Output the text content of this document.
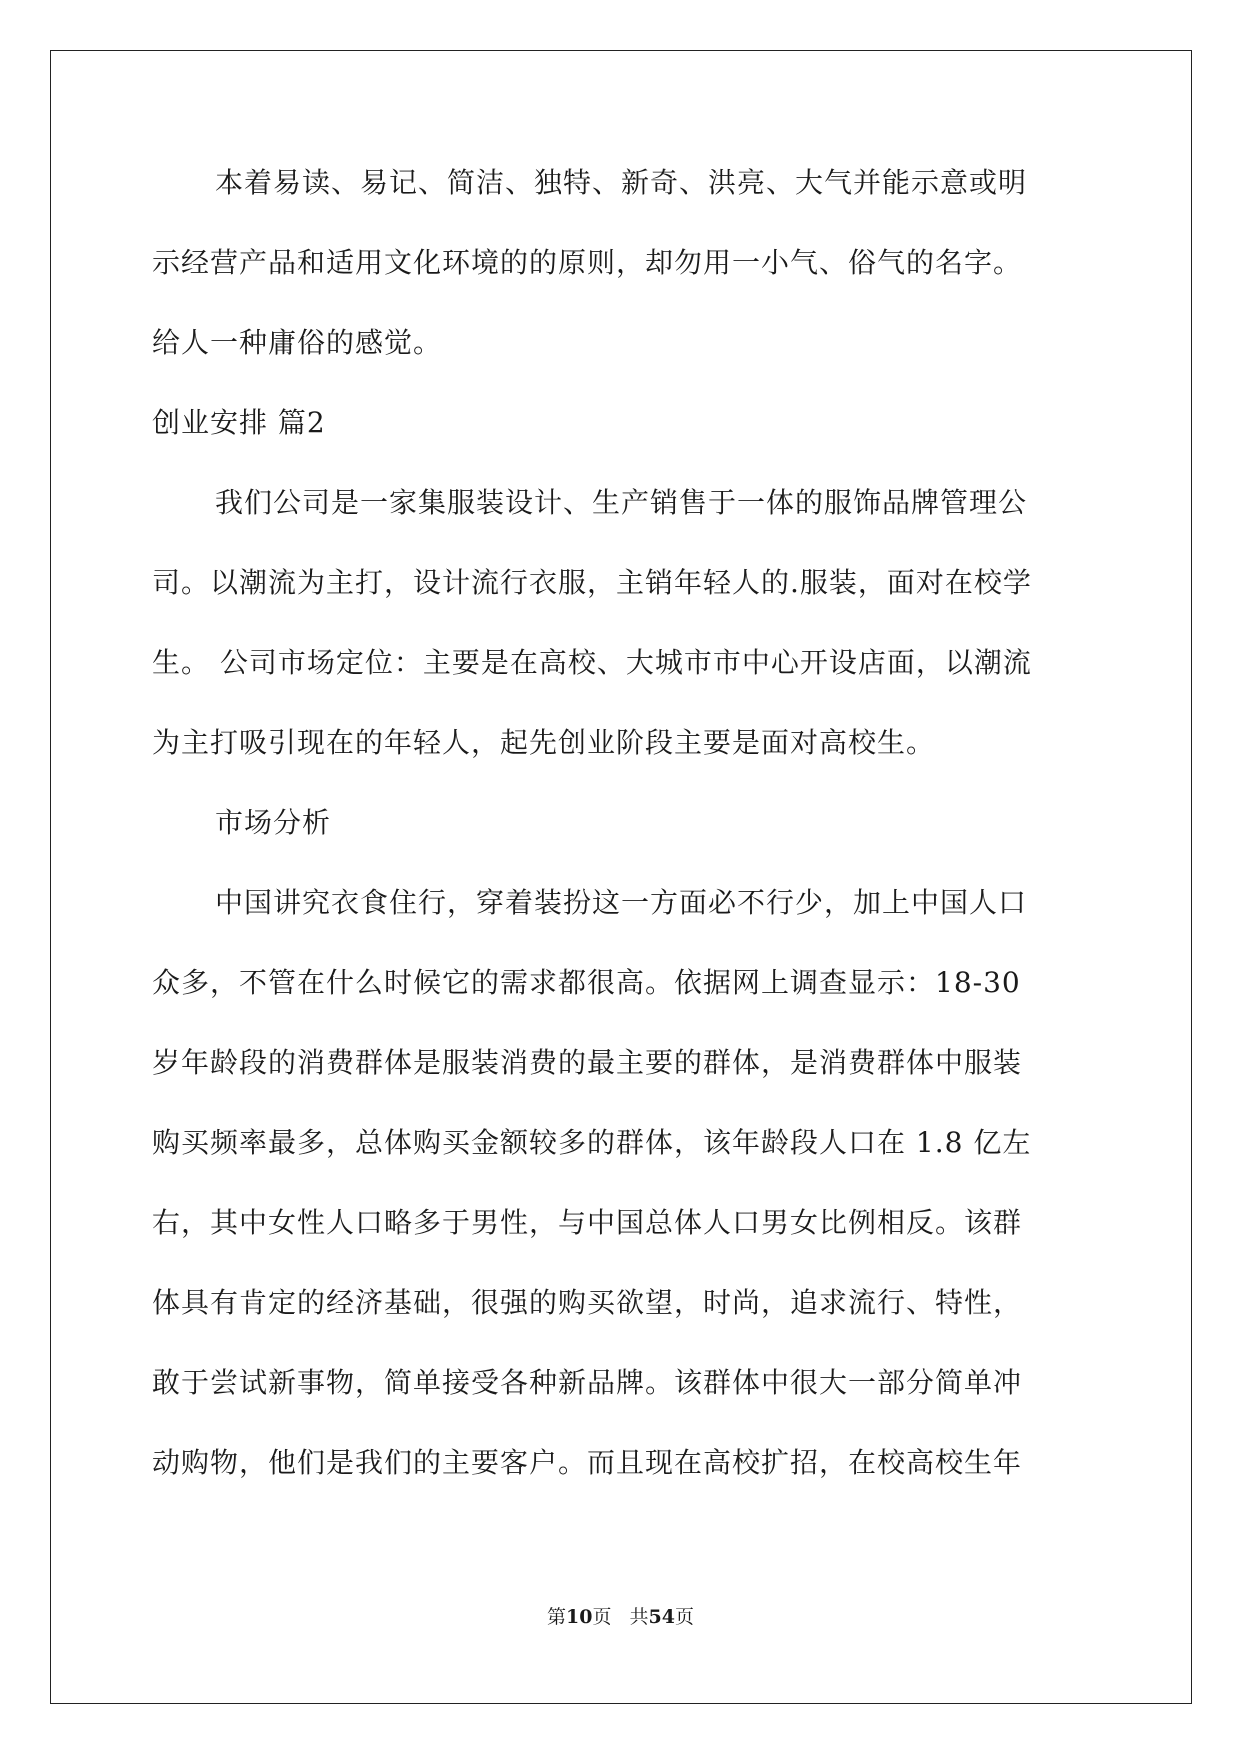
本着易读、易记、简洁、独特、新奇、洪亮、大气并能示意或明

示经营产品和适用文化环境的的原则，却勿用一小气、俗气的名字。

给人一种庸俗的感觉。

创业安排 篇2

我们公司是一家集服装设计、生产销售于一体的服饰品牌管理公

司。以潮流为主打，设计流行衣服，主销年轻人的.服装，面对在校学

生。 公司市场定位：主要是在高校、大城市市中心开设店面，以潮流

为主打吸引现在的年轻人，起先创业阶段主要是面对高校生。

市场分析

中国讲究衣食住行，穿着装扮这一方面必不行少，加上中国人口

众多，不管在什么时候它的需求都很高。依据网上调查显示：18-30

岁年龄段的消费群体是服装消费的最主要的群体，是消费群体中服装

购买频率最多，总体购买金额较多的群体，该年龄段人口在 1.8 亿左

右，其中女性人口略多于男性，与中国总体人口男女比例相反。该群

体具有肯定的经济基础，很强的购买欲望，时尚，追求流行、特性，

敢于尝试新事物，简单接受各种新品牌。该群体中很大一部分简单冲

动购物，他们是我们的主要客户。而且现在高校扩招，在校高校生年

第10页 共54页
